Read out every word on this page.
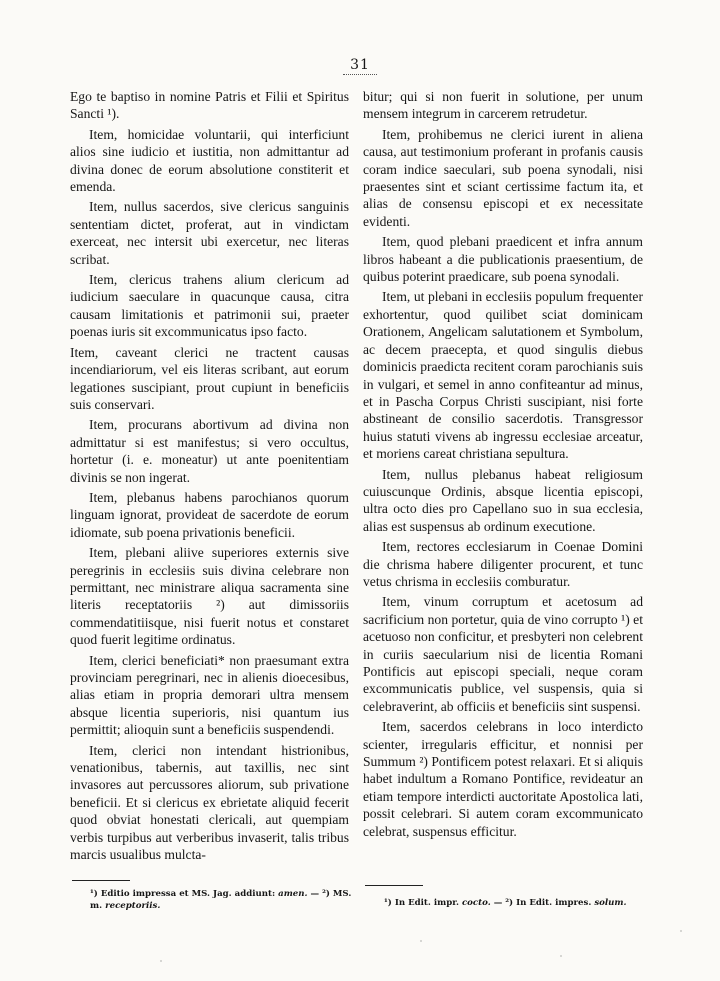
31

Ego te baptiso in nomine Patris et Filii et Spiritus Sancti ¹).

Item, homicidae voluntarii, qui interficiunt alios sine iudicio et iustitia, non admittantur ad divina donec de eorum absolutione constiterit et emenda.

Item, nullus sacerdos, sive clericus sanguinis sententiam dictet, proferat, aut in vindictam exerceat, nec intersit ubi exercetur, nec literas scribat.

Item, clericus trahens alium clericum ad iudicium saeculare in quacunque causa, citra causam limitationis et patrimonii sui, praeter poenas iuris sit excommunicatus ipso facto.

Item, caveant clerici ne tractent causas incendiariorum, vel eis literas scribant, aut eorum legationes suscipiant, prout cupiunt in beneficiis suis conservari.

Item, procurans abortivum ad divina non admittatur si est manifestus; si vero occultus, hortetur (i. e. moneatur) ut ante poenitentiam divinis se non ingerat.

Item, plebanus habens parochianos quorum linguam ignorat, provideat de sacerdote de eorum idiomate, sub poena privationis beneficii.

Item, plebani aliive superiores externis sive peregrinis in ecclesiis suis divina celebrare non permittant, nec ministrare aliqua sacramenta sine literis receptatoriis ²) aut dimissoriis commendatitiisque, nisi fuerit notus et constaret quod fuerit legitime ordinatus.

Item, clerici beneficiati* non praesumant extra provinciam peregrinari, nec in alienis dioecesibus, alias etiam in propria demorari ultra mensem absque licentia superioris, nisi quantum ius permittit; alioquin sunt a beneficiis suspendendi.

Item, clerici non intendant histrionibus, venationibus, tabernis, aut taxillis, nec sint invasores aut percussores aliorum, sub privatione beneficii. Et si clericus ex ebrietate aliquid fecerit quod obviat honestati clericali, aut quempiam verbis turpibus aut verberibus invaserit, talis tribus marcis usualibus mulcta-

bitur; qui si non fuerit in solutione, per unum mensem integrum in carcerem retrudetur.

Item, prohibemus ne clerici iurent in aliena causa, aut testimonium proferant in profanis causis coram indice saeculari, sub poena synodali, nisi praesentes sint et sciant certissime factum ita, et alias de consensu episcopi et ex necessitate evidenti.

Item, quod plebani praedicent et infra annum libros habeant a die publicationis praesentium, de quibus poterint praedicare, sub poena synodali.

Item, ut plebani in ecclesiis populum frequenter exhortentur, quod quilibet sciat dominicam Orationem, Angelicam salutationem et Symbolum, ac decem praecepta, et quod singulis diebus dominicis praedicta recitent coram parochianis suis in vulgari, et semel in anno confiteantur ad minus, et in Pascha Corpus Christi suscipiant, nisi forte abstineant de consilio sacerdotis. Transgressor huius statuti vivens ab ingressu ecclesiae arceatur, et moriens careat christiana sepultura.

Item, nullus plebanus habeat religiosum cuiuscunque Ordinis, absque licentia episcopi, ultra octo dies pro Capellano suo in sua ecclesia, alias est suspensus ab ordinum executione.

Item, rectores ecclesiarum in Coenae Domini die chrisma habere diligenter procurent, et tunc vetus chrisma in ecclesiis comburatur.

Item, vinum corruptum et acetosum ad sacrificium non portetur, quia de vino corrupto ¹) et acetuoso non conficitur, et presbyteri non celebrent in curiis saecularium nisi de licentia Romani Pontificis aut episcopi speciali, neque coram excommunicatis publice, vel suspensis, quia si celebraverint, ab officiis et beneficiis sint suspensi.

Item, sacerdos celebrans in loco interdicto scienter, irregularis efficitur, et nonnisi per Summum ²) Pontificem potest relaxari. Et si aliquis habet indultum a Romano Pontifice, revideatur an etiam tempore interdicti auctoritate Apostolica lati, possit celebrari. Si autem coram excommunicato celebrat, suspensus efficitur.

¹) Editio impressa et MS. Jag. addiunt: amen. — ²) MS. m. receptoriis.	¹) In Edit. impr. cocto. — ²) In Edit. impres. solum.
